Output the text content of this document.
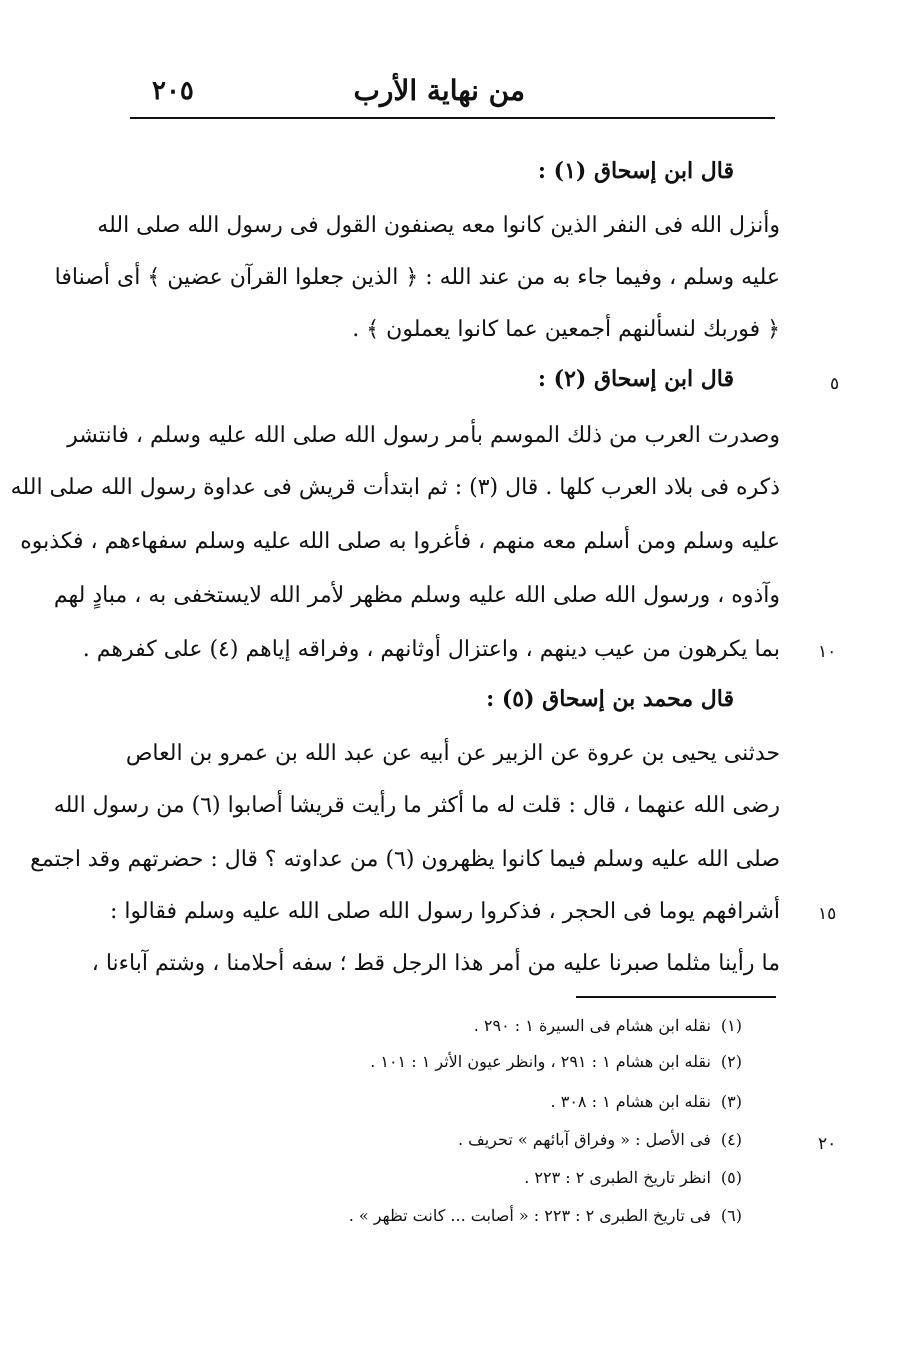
٢٠٥	من نهاية الأرب
قال ابن إسحاق (١) :
وأنزل الله فى النفر الذين كانوا معه يصنفون القول فى رسول الله صلى الله
عليه وسلم ، وفيما جاء به من عند الله : ﴿ الذين جعلوا القرآن عضين ﴾ أى أصنافا
﴿ فوربك لنسألنهم أجمعين عما كانوا يعملون ﴾ .
قال ابن إسحاق (٢) :
وصدرت العرب من ذلك الموسم بأمر رسول الله صلى الله عليه وسلم ، فانتشر
ذكره فى بلاد العرب كلها . قال (٣) : ثم ابتدأت قريش فى عداوة رسول الله صلى الله
عليه وسلم ومن أسلم معه منهم ، فأغروا به صلى الله عليه وسلم سفهاءهم ، فكذبوه
وآذوه ، ورسول الله صلى الله عليه وسلم مظهر لأمر الله لايستخفى به ، مبادٍ لهم
بما يكرهون من عيب دينهم ، واعتزال أوثانهم ، وفراقه إياهم (٤) على كفرهم .
قال محمد بن إسحاق (٥) :
حدثنى يحيى بن عروة عن الزبير عن أبيه عن عبد الله بن عمرو بن العاص
رضى الله عنهما ، قال : قلت له ما أكثر ما رأيت قريشا أصابوا (٦) من رسول الله
صلى الله عليه وسلم فيما كانوا يظهرون (٦) من عداوته ؟ قال : حضرتهم وقد اجتمع
أشرافهم يوما فى الحجر ، فذكروا رسول الله صلى الله عليه وسلم فقالوا :
ما رأينا مثلما صبرنا عليه من أمر هذا الرجل قط ؛ سفه أحلامنا ، وشتم آباءنا ،
٥
١٠
١٥
٢٠
(١)نقله ابن هشام فى السيرة ١ : ٢٩٠ .
(٢)نقله ابن هشام ١ : ٢٩١ ، وانظر عيون الأثر ١ : ١٠١ .
(٣)نقله ابن هشام ١ : ٣٠٨ .
(٤)فى الأصل : « وفراق آبائهم » تحريف .
(٥)انظر تاريخ الطبرى ٢ : ٢٢٣ .
(٦)فى تاريخ الطبرى ٢ : ٢٢٣ : « أصابت ... كانت تظهر » .
